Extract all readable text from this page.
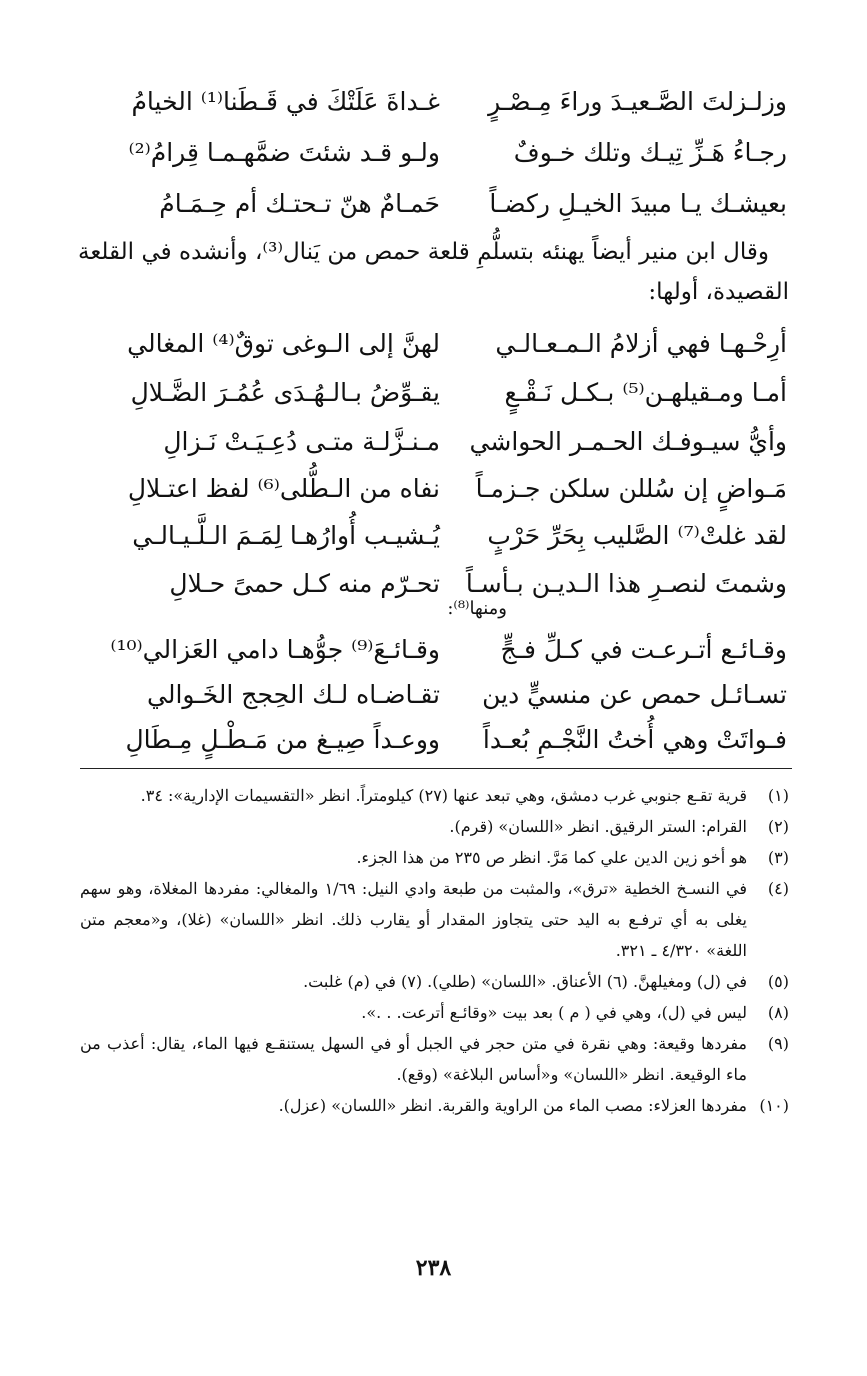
وزلـزلتَ الصَّـعيـدَ وراءَ مِـصْـرٍ
غـداةَ عَلَتْكَ في قَـطَنا⁽¹⁾ الخيامُ
رجـاءُ هَـزِّ تِيـك وتلك خـوفٌ
ولـو قـد شئتَ ضمَّهـمـا قِرامُ⁽²⁾
بعيشـك يـا مبيدَ الخيـلِ ركضـاً
حَمـامٌ هنّ تـحتـك أم حِـمَـامُ
وقال ابن منير أيضاً يهنئه بتسلُّمِ قلعة حمص من يَنال⁽³⁾، وأنشده في القلعة القصيدة، أولها:
أرِحْـهـا فهي أزلامُ الـمـعـالـي
لهنَّ إلى الـوغى توقٌ⁽⁴⁾ المغالي
أمـا ومـقيلهـن⁽⁵⁾ بـكـل نَـقْـعٍ
يقـوِّضُ بـالـهُـدَى عُمُـرَ الضَّـلالِ
وأيُّ سيـوفـك الحـمـر الحواشي
مـنـزَّلـة متـى دُعِـيَـتْ نَـزالِ
مَـواضٍ إن سُللن سلكن جـزمـاً
نفاه من الـطُّلى⁽⁶⁾ لفظ اعتـلالِ
لقد غلتْ⁽⁷⁾ الصَّليب بِحَرِّ حَرْبٍ
يُـشيـب أُوارُهـا لِمَـمَ الـلَّـيـالـي
وشمتَ لنصـرِ هذا الـديـن بـأسـاً
تحـرّم منه كـل حمىً حـلالِ
ومنها⁽⁸⁾:
وقـائـع أتـرعـت في كـلِّ فـجٍّ
وقـائـعَ⁽⁹⁾ جوُّهـا دامي العَزالي⁽¹⁰⁾
تسـائـل حمص عن منسيٍّ دين
تقـاضـاه لـك الحِجج الخَـوالي
فـواتَتْ وهي أُختُ النَّجْـمِ بُعـداً
ووعـداً صِيـغ من مَـطْـلٍ مِـطَالِ
(١)
قرية تقـع جنوبي غرب دمشق، وهي تبعد عنها (٢٧) كيلومتراً. انظر «التقسيمات الإدارية»: ٣٤.
(٢)
القرام: الستر الرقيق. انظر «اللسان» (قرم).
(٣)
هو أخو زين الدين علي كما مَرَّ. انظر ص ٢٣٥ من هذا الجزء.
(٤)
في النسـخ الخطية «ترق»، والمثبت من طبعة وادي النيل: ١/٦٩ والمغالي: مفردها المغلاة، وهو سهم يغلى به أي ترفـع به اليد حتى يتجاوز المقدار أو يقارب ذلك. انظر «اللسان» (غلا)، و«معجم متن اللغة» ٤/٣٢٠ ـ ٣٢١.
(٥)
في (ل) ومغيلهنَّ. (٦) الأعناق. «اللسان» (طلي). (٧) في (م) غلبت.
(٨)
ليس في (ل)، وهي في ( م ) بعد بيت «وقائـع أترعت. . .».
(٩)
مفردها وقيعة: وهي نقرة في متن حجر في الجبل أو في السهل يستنقـع فيها الماء، يقال: أعذب من ماء الوقيعة. انظر «اللسان» و«أساس البلاغة» (وقع).
(١٠)
مفردها العزلاء: مصب الماء من الراوية والقربة. انظر «اللسان» (عزل).
٢٣٨
